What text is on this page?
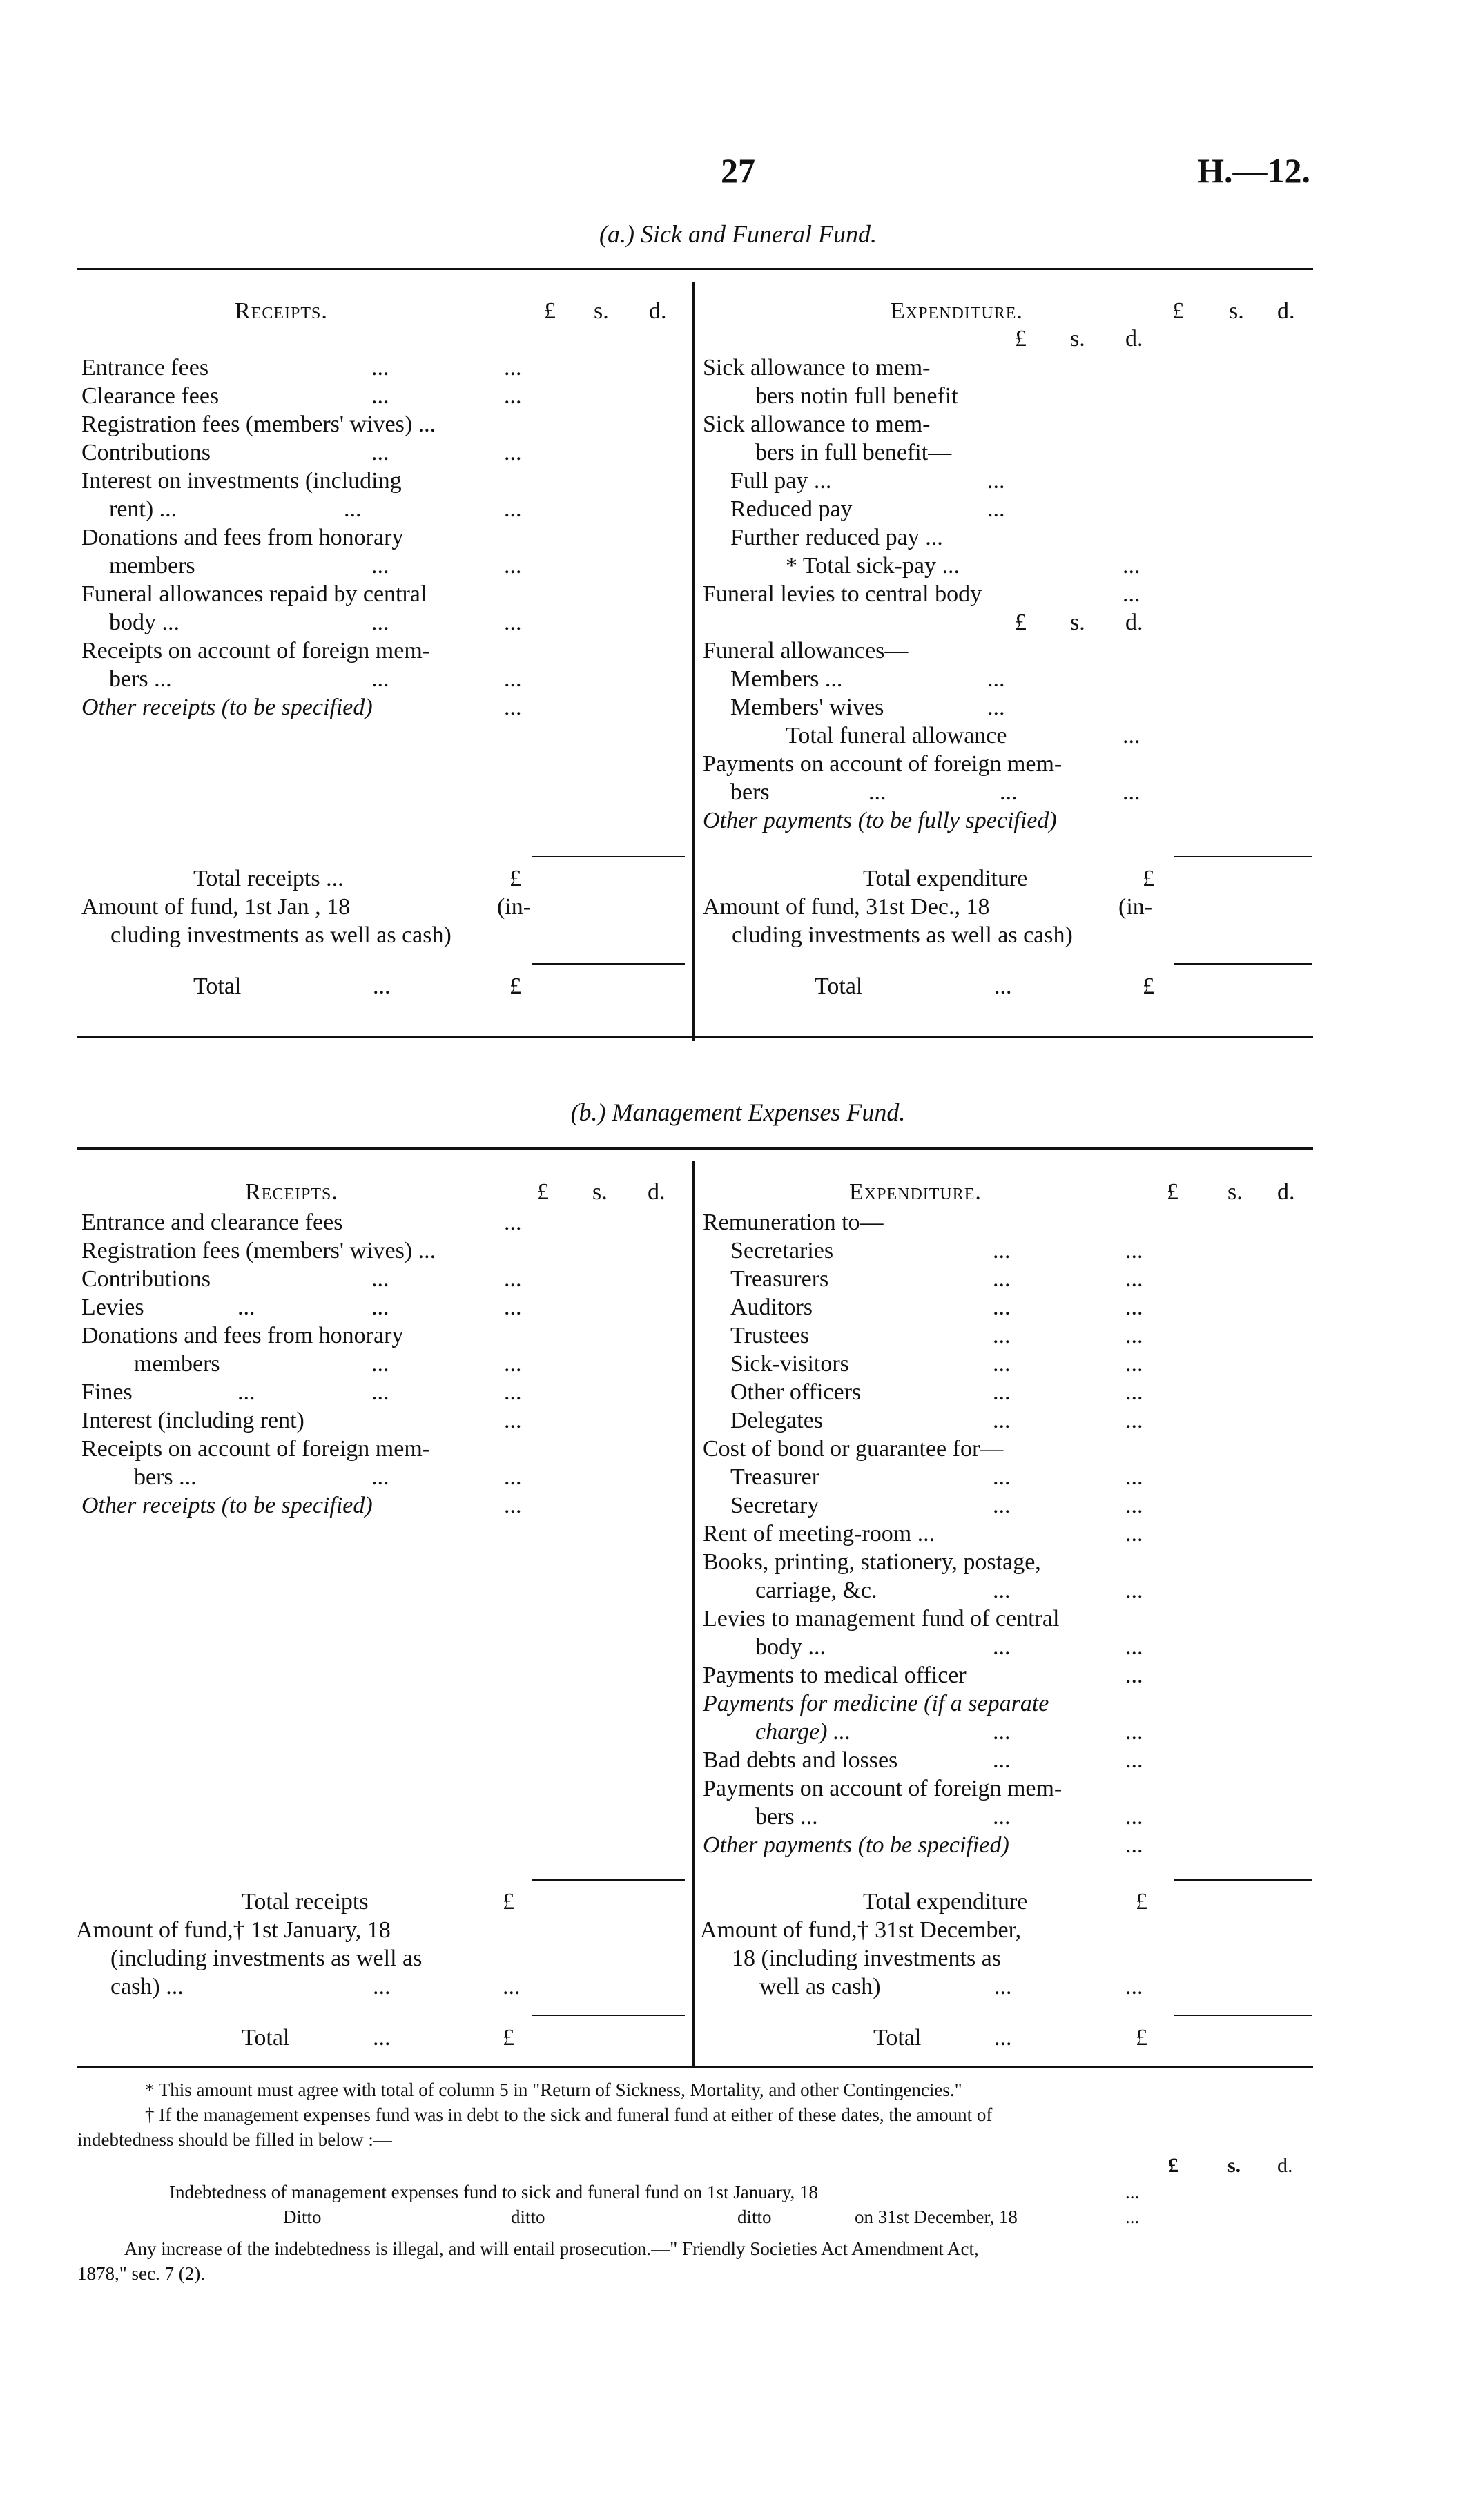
27	H.—12.
(a.) Sick and Funeral Fund.
Receipts.	£ s. d.
Entrance fees	...	...
Clearance fees	...	...
Registration fees (members' wives) ...
Contributions	...	...
Interest on investments (including
rent) ...	...	...
Donations and fees from honorary
members	...	...
Funeral allowances repaid by central
body ...	...	...
Receipts on account of foreign mem-
bers ...	...	...
Other receipts (to be specified)	...
Total receipts ...	£
Amount of fund, 1st Jan , 18	(in-
cluding investments as well as cash)
Total	...	£
Expenditure.	£ s. d.
£ s. d.
Sick allowance to mem-
bers notin full benefit
Sick allowance to mem-
bers in full benefit—
Full pay ...	...
Reduced pay	...
Further reduced pay ...
* Total sick-pay ...	...
Funeral levies to central body	...
£ s. d.
Funeral allowances—
Members ...	...
Members' wives	...
Total funeral allowance	...
Payments on account of foreign mem-
bers	...	...	...
Other payments (to be fully specified)
Total expenditure	£
Amount of fund, 31st Dec., 18	(in-
cluding investments as well as cash)
Total	...	£
(b.) Management Expenses Fund.
Receipts.	£ s. d.
Entrance and clearance fees	...
Registration fees (members' wives) ...
Contributions	...	...
Levies	...	...	...
Donations and fees from honorary
members	...	...
Fines	...	...	...
Interest (including rent)	...
Receipts on account of foreign mem-
bers ...	...	...
Other receipts (to be specified)	...
Total receipts	£
Amount of fund,† 1st January, 18
(including investments as well as
cash) ...	...	...
Total	...	£
Expenditure.	£ s. d.
Remuneration to—
Secretaries	...	...
Treasurers	...	...
Auditors	...	...
Trustees	...	...
Sick-visitors	...	...
Other officers	...	...
Delegates	...	...
Cost of bond or guarantee for—
Treasurer	...	...
Secretary	...	...
Rent of meeting-room ...	...
Books, printing, stationery, postage,
carriage, &c.	...	...
Levies to management fund of central
body ...	...	...
Payments to medical officer	...
Payments for medicine (if a separate
charge) ...	...	...
Bad debts and losses	...	...
Payments on account of foreign mem-
bers ...	...	...
Other payments (to be specified)	...
Total expenditure	£
Amount of fund,† 31st December,
18 (including investments as
well as cash)	...	...
Total	...	£
* This amount must agree with total of column 5 in "Return of Sickness, Mortality, and other Contingencies."
† If the management expenses fund was in debt to the sick and funeral fund at either of these dates, the amount of
indebtedness should be filled in below :—
£ s. d.
Indebtedness of management expenses fund to sick and funeral fund on 1st January, 18	...
Ditto	ditto	ditto	on 31st December, 18	...
Any increase of the indebtedness is illegal, and will entail prosecution.—" Friendly Societies Act Amendment Act,
1878," sec. 7 (2).
